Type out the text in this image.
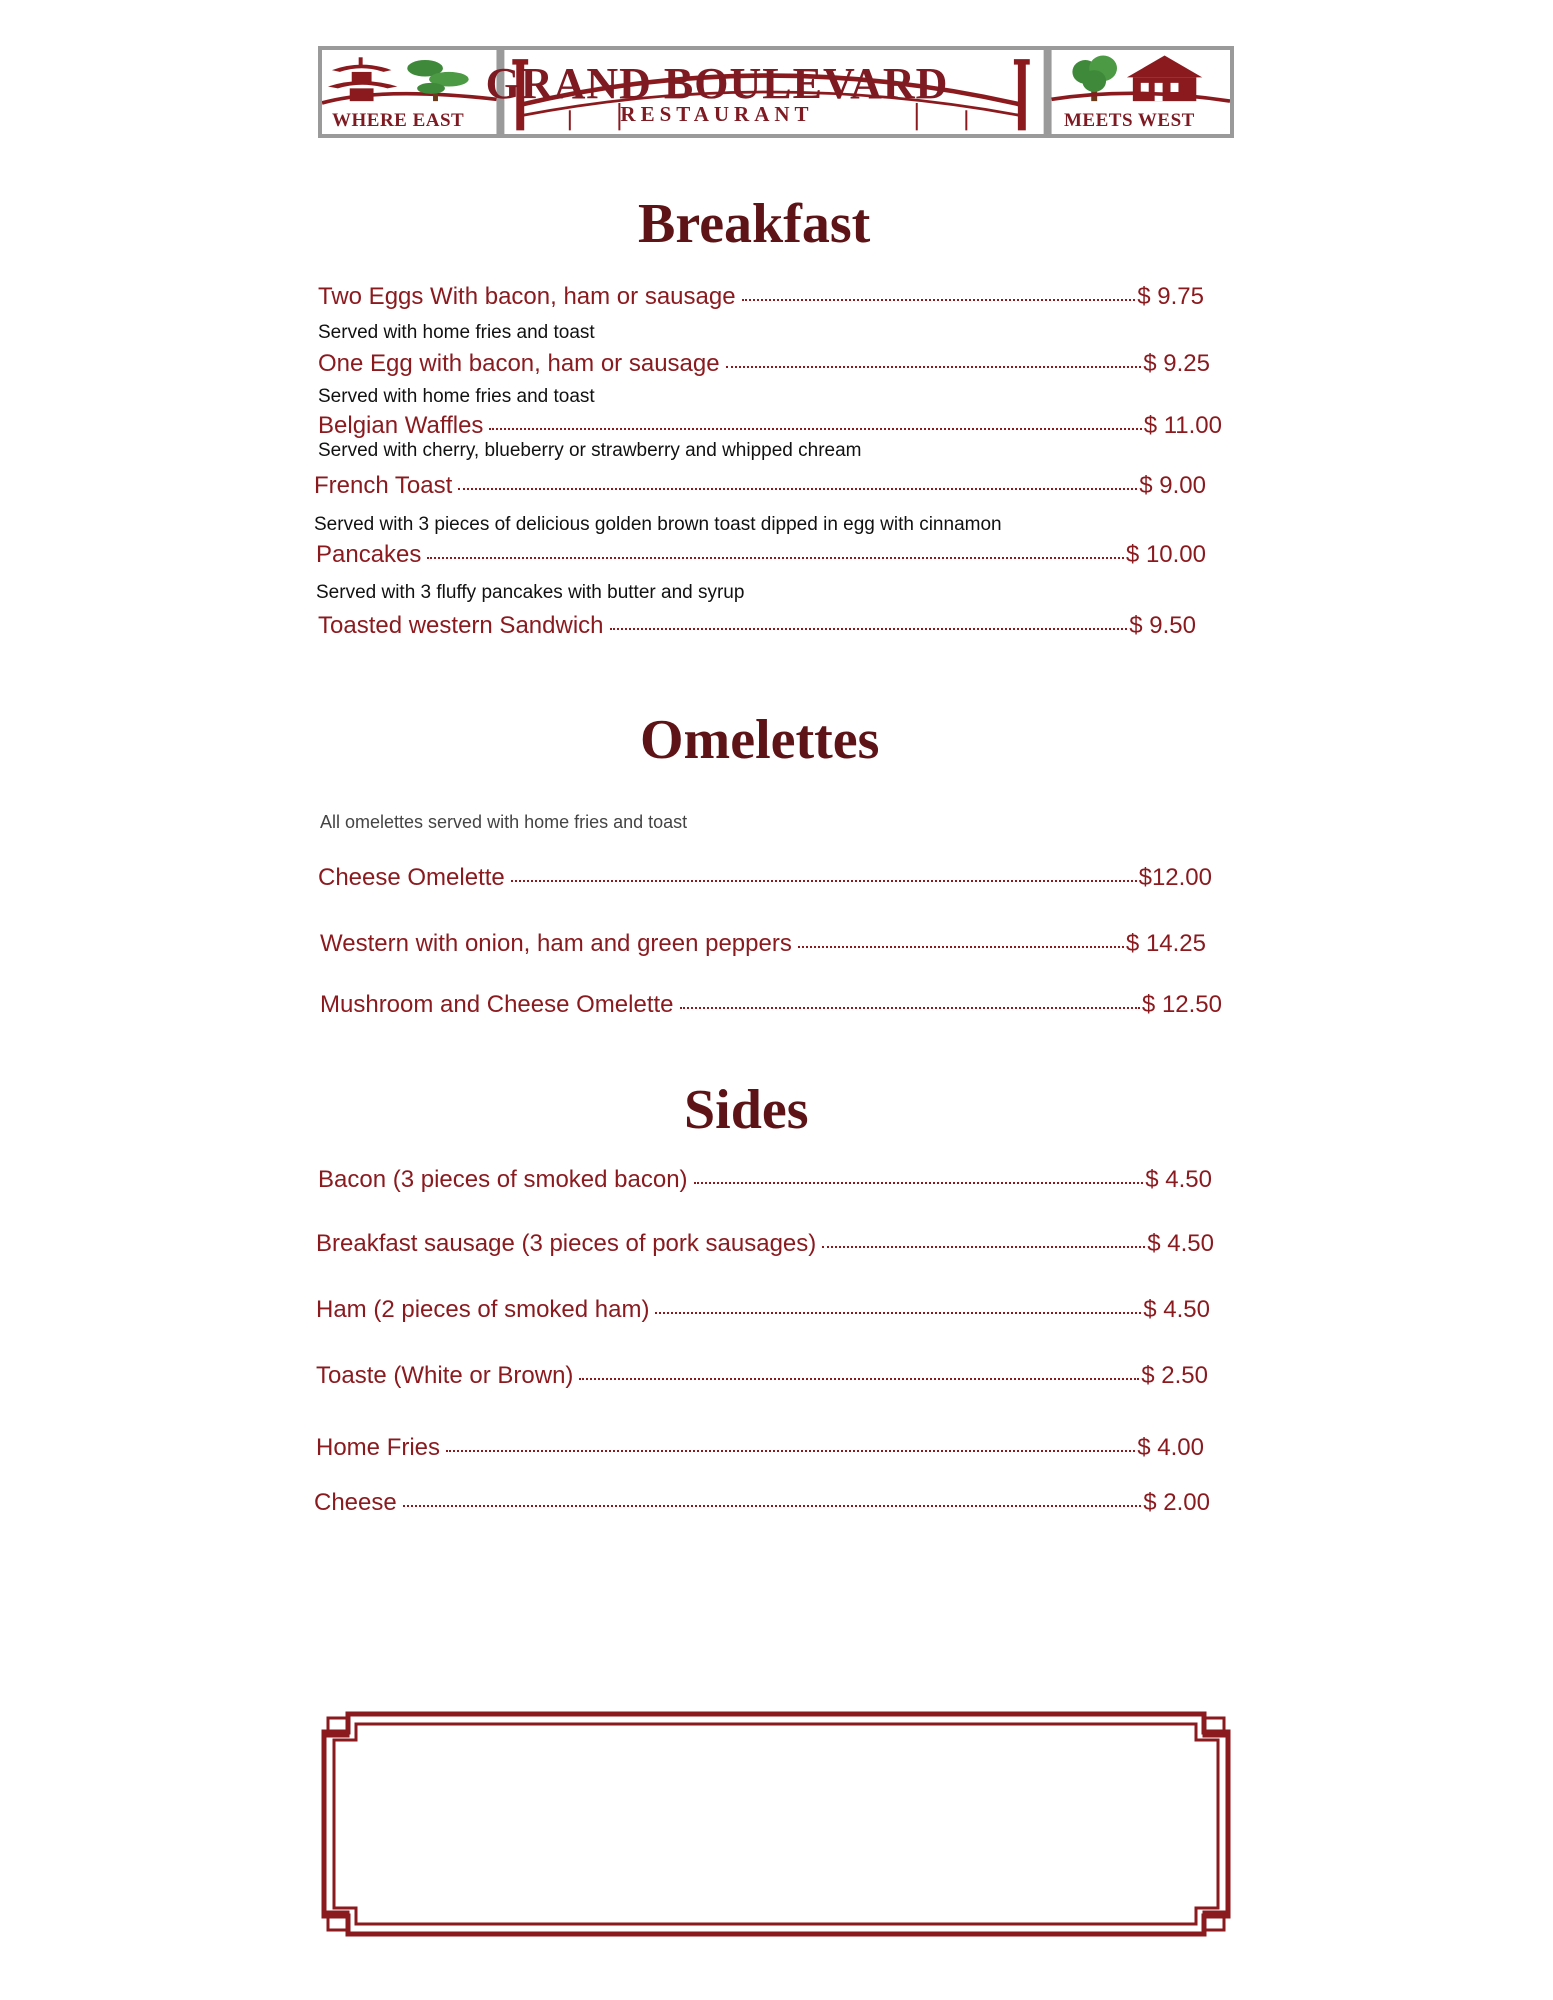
WHERE EAST
GRAND BOULEVARD
RESTAURANT	MEETS WEST
Breakfast
Two Eggs With bacon, ham or sausage	$ 9.75
Served with home fries and toast
One Egg with bacon, ham or sausage	$ 9.25
Served with home fries and toast
Belgian Waffles	$ 11.00
Served with cherry, blueberry or strawberry and whipped chream
French Toast	$ 9.00
Served with 3 pieces of delicious golden brown toast dipped in egg with cinnamon
Pancakes	$ 10.00
Served with 3 fluffy pancakes with butter and syrup
Toasted western Sandwich	$ 9.50
Omelettes
All omelettes served with home fries and toast
Cheese Omelette	$12.00
Western with onion, ham and green peppers	$ 14.25
Mushroom and Cheese Omelette	$ 12.50
Sides
Bacon (3 pieces of smoked bacon)	$ 4.50
Breakfast sausage (3 pieces of pork sausages)	$ 4.50
Ham (2 pieces of smoked ham)	$ 4.50
Toaste (White or Brown)	$ 2.50
Home Fries	$ 4.00
Cheese	$ 2.00
